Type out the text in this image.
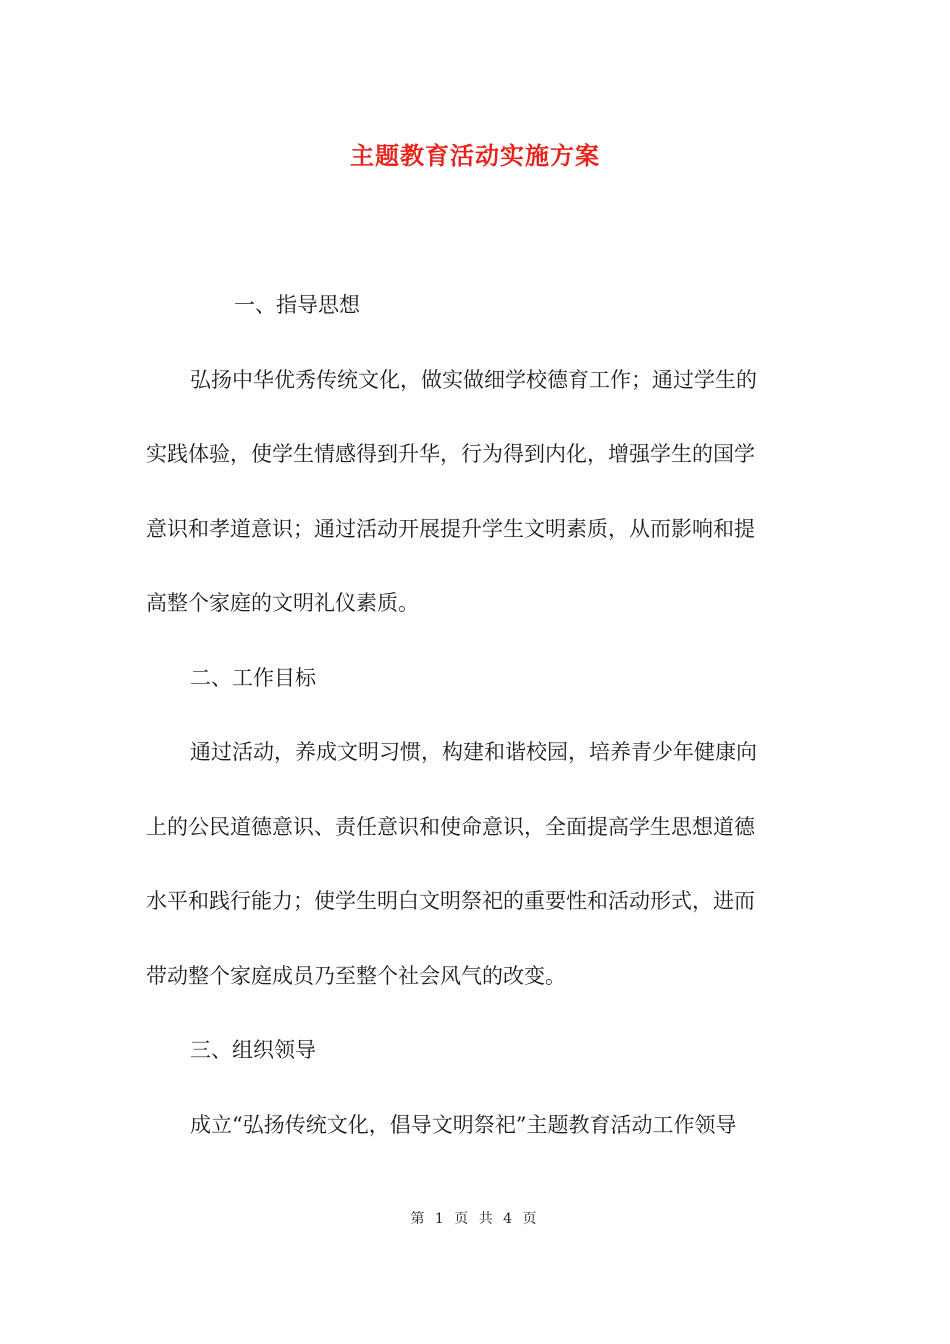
主题教育活动实施方案
一、指导思想
弘扬中华优秀传统文化，做实做细学校德育工作；通过学生的
实践体验，使学生情感得到升华，行为得到内化，增强学生的国学
意识和孝道意识；通过活动开展提升学生文明素质，从而影响和提
高整个家庭的文明礼仪素质。
二、工作目标
通过活动，养成文明习惯，构建和谐校园，培养青少年健康向
上的公民道德意识、责任意识和使命意识，全面提高学生思想道德
水平和践行能力；使学生明白文明祭祀的重要性和活动形式，进而
带动整个家庭成员乃至整个社会风气的改变。
三、组织领导
成立“弘扬传统文化，倡导文明祭祀”主题教育活动工作领导
第 1 页 共 4 页
